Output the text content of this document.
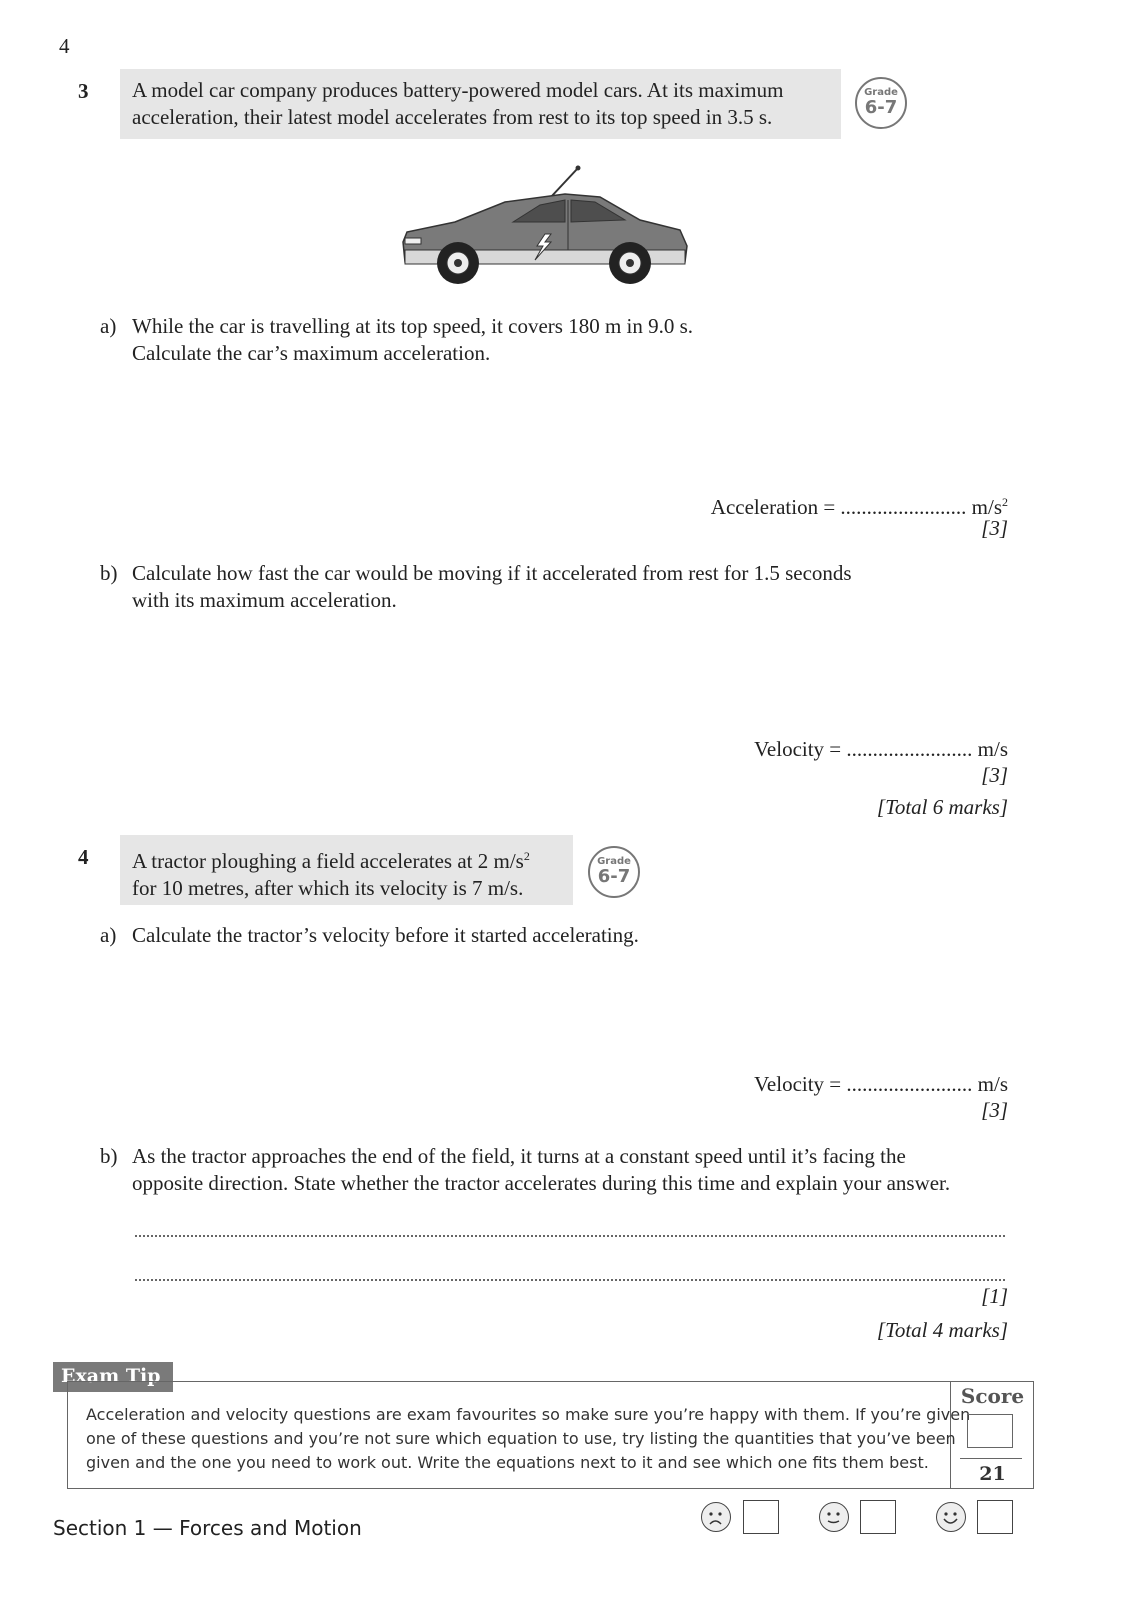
4
3 A model car company produces battery-powered model cars. At its maximum
acceleration, their latest model accelerates from rest to its top speed in 3.5 s.
Grade
6-7
a) While the car is travelling at its top speed, it covers 180 m in 9.0 s.
Calculate the car’s maximum acceleration.
Acceleration = ........................ $m/s^2$
[3]
b) Calculate how fast the car would be moving if it accelerated from rest for 1.5 seconds
with its maximum acceleration.
Velocity = ........................ m/s
[3]
[Total 6 marks]
4 A tractor ploughing a field accelerates at 2 $m/s^2$
for 10 metres, after which its velocity is 7 m/s.
Grade
6-7
a) Calculate the tractor’s velocity before it started accelerating.
Velocity = ........................ m/s
[3]
b) As the tractor approaches the end of the field, it turns at a constant speed until it’s facing the
opposite direction. State whether the tractor accelerates during this time and explain your answer.
[1]
[Total 4 marks]
Exam Tip
Acceleration and velocity questions are exam favourites so make sure you’re happy with them. If you’re given
one of these questions and you’re not sure which equation to use, try listing the quantities that you’ve been
given and the one you need to work out. Write the equations next to it and see which one fits them best.
Score
21
Section 1 — Forces and Motion
